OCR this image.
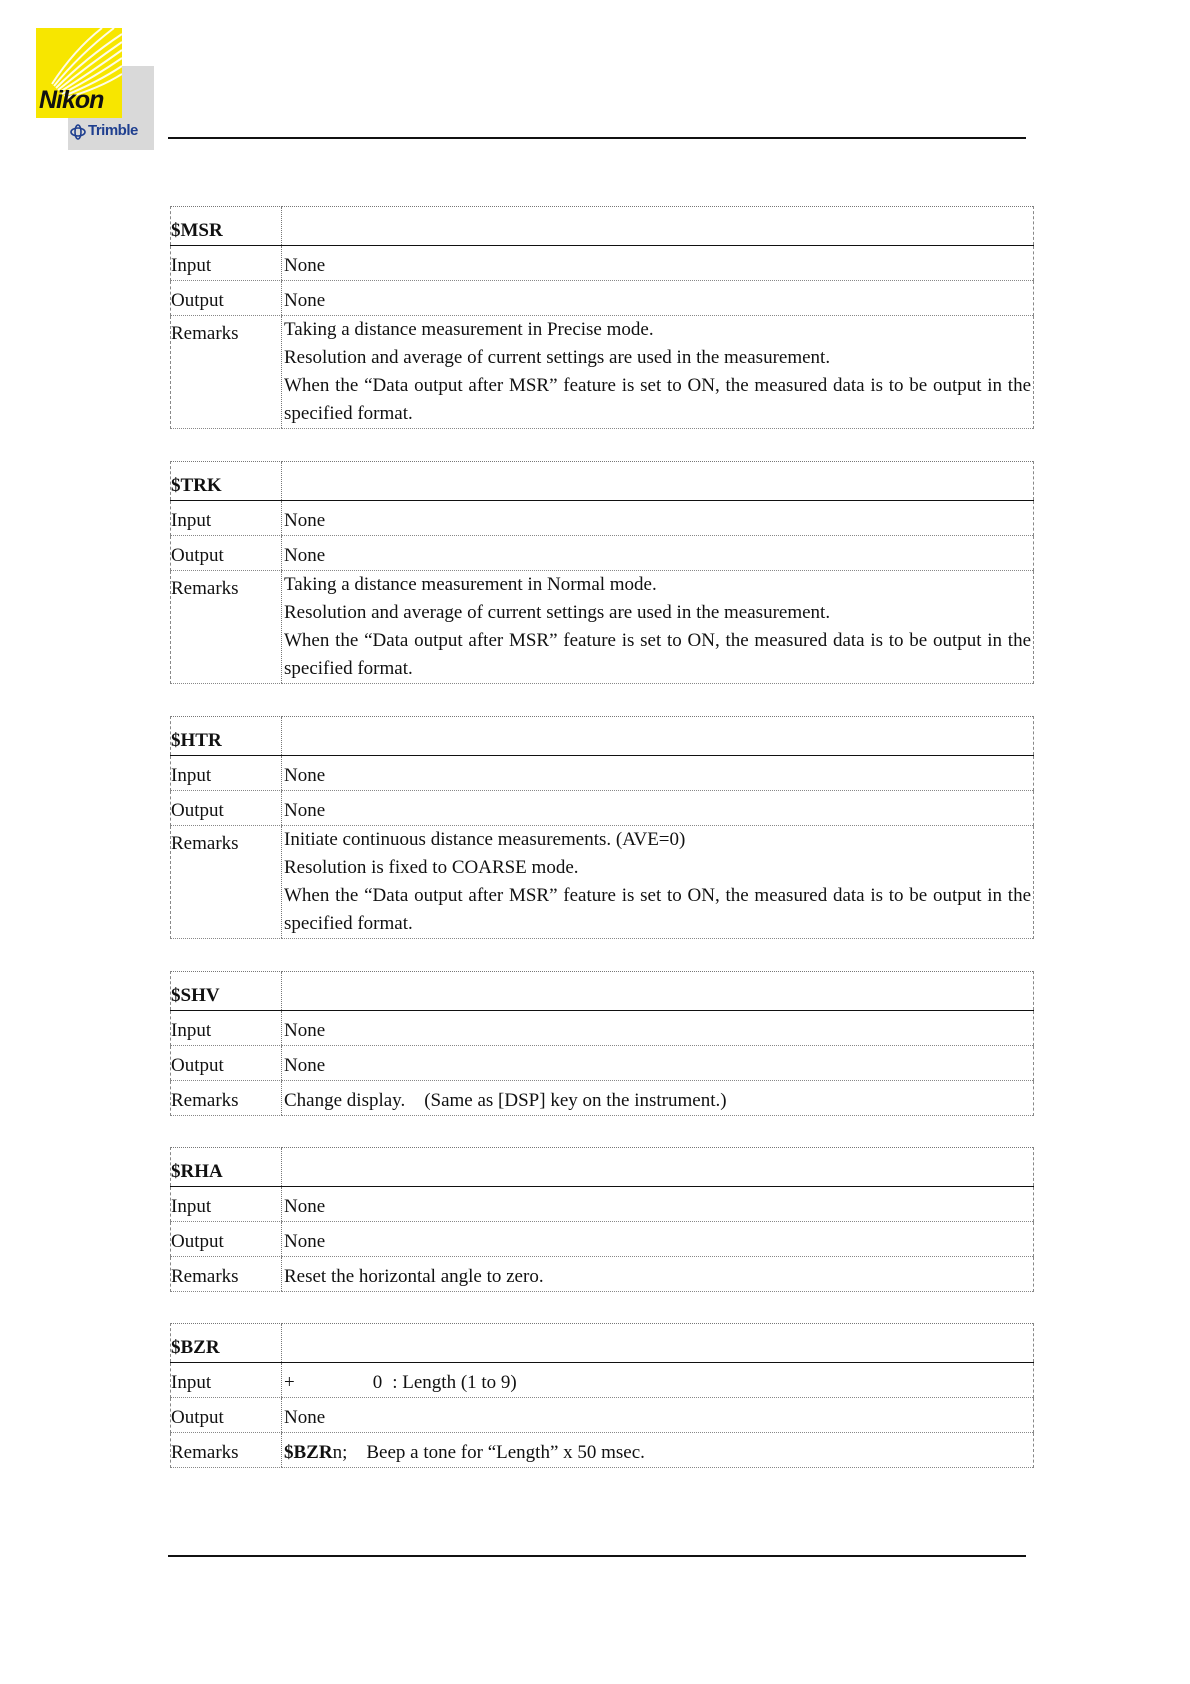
Nikon
Trimble
$MSR	
Input	None
Output	None
Remarks	Taking a distance measurement in Precise mode.
Resolution and average of current settings are used in the measurement.
When the “Data output after MSR” feature is set to ON, the measured data is to be output in the specified format.
$TRK	
Input	None
Output	None
Remarks	Taking a distance measurement in Normal mode.
Resolution and average of current settings are used in the measurement.
When the “Data output after MSR” feature is set to ON, the measured data is to be output in the specified format.
$HTR	
Input	None
Output	None
Remarks	Initiate continuous distance measurements. (AVE=0)
Resolution is fixed to COARSE mode.
When the “Data output after MSR” feature is set to ON, the measured data is to be output in the specified format.
$SHV	
Input	None
Output	None
Remarks	Change display.    (Same as [DSP] key on the instrument.)
$RHA	
Input	None
Output	None
Remarks	Reset the horizontal angle to zero.
$BZR	
Input	+ 0 : Length (1 to 9)
Output	None
Remarks	$BZRn;    Beep a tone for “Length” x 50 msec.
